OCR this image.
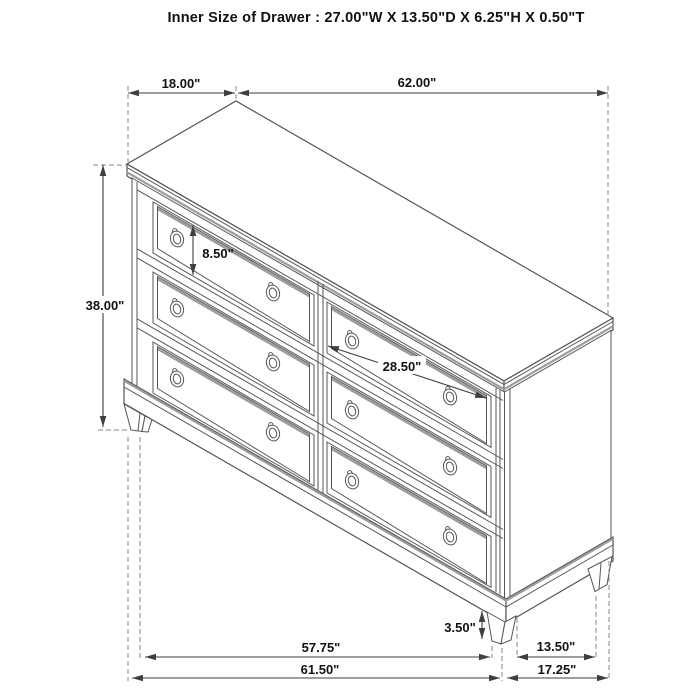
Inner Size of Drawer : 27.00"W X 13.50"D X 6.25"H X 0.50"T
18.00"	62.00"
38.00"
8.50"
28.50"
3.50"
57.75"	13.50"
61.50"	17.25"
